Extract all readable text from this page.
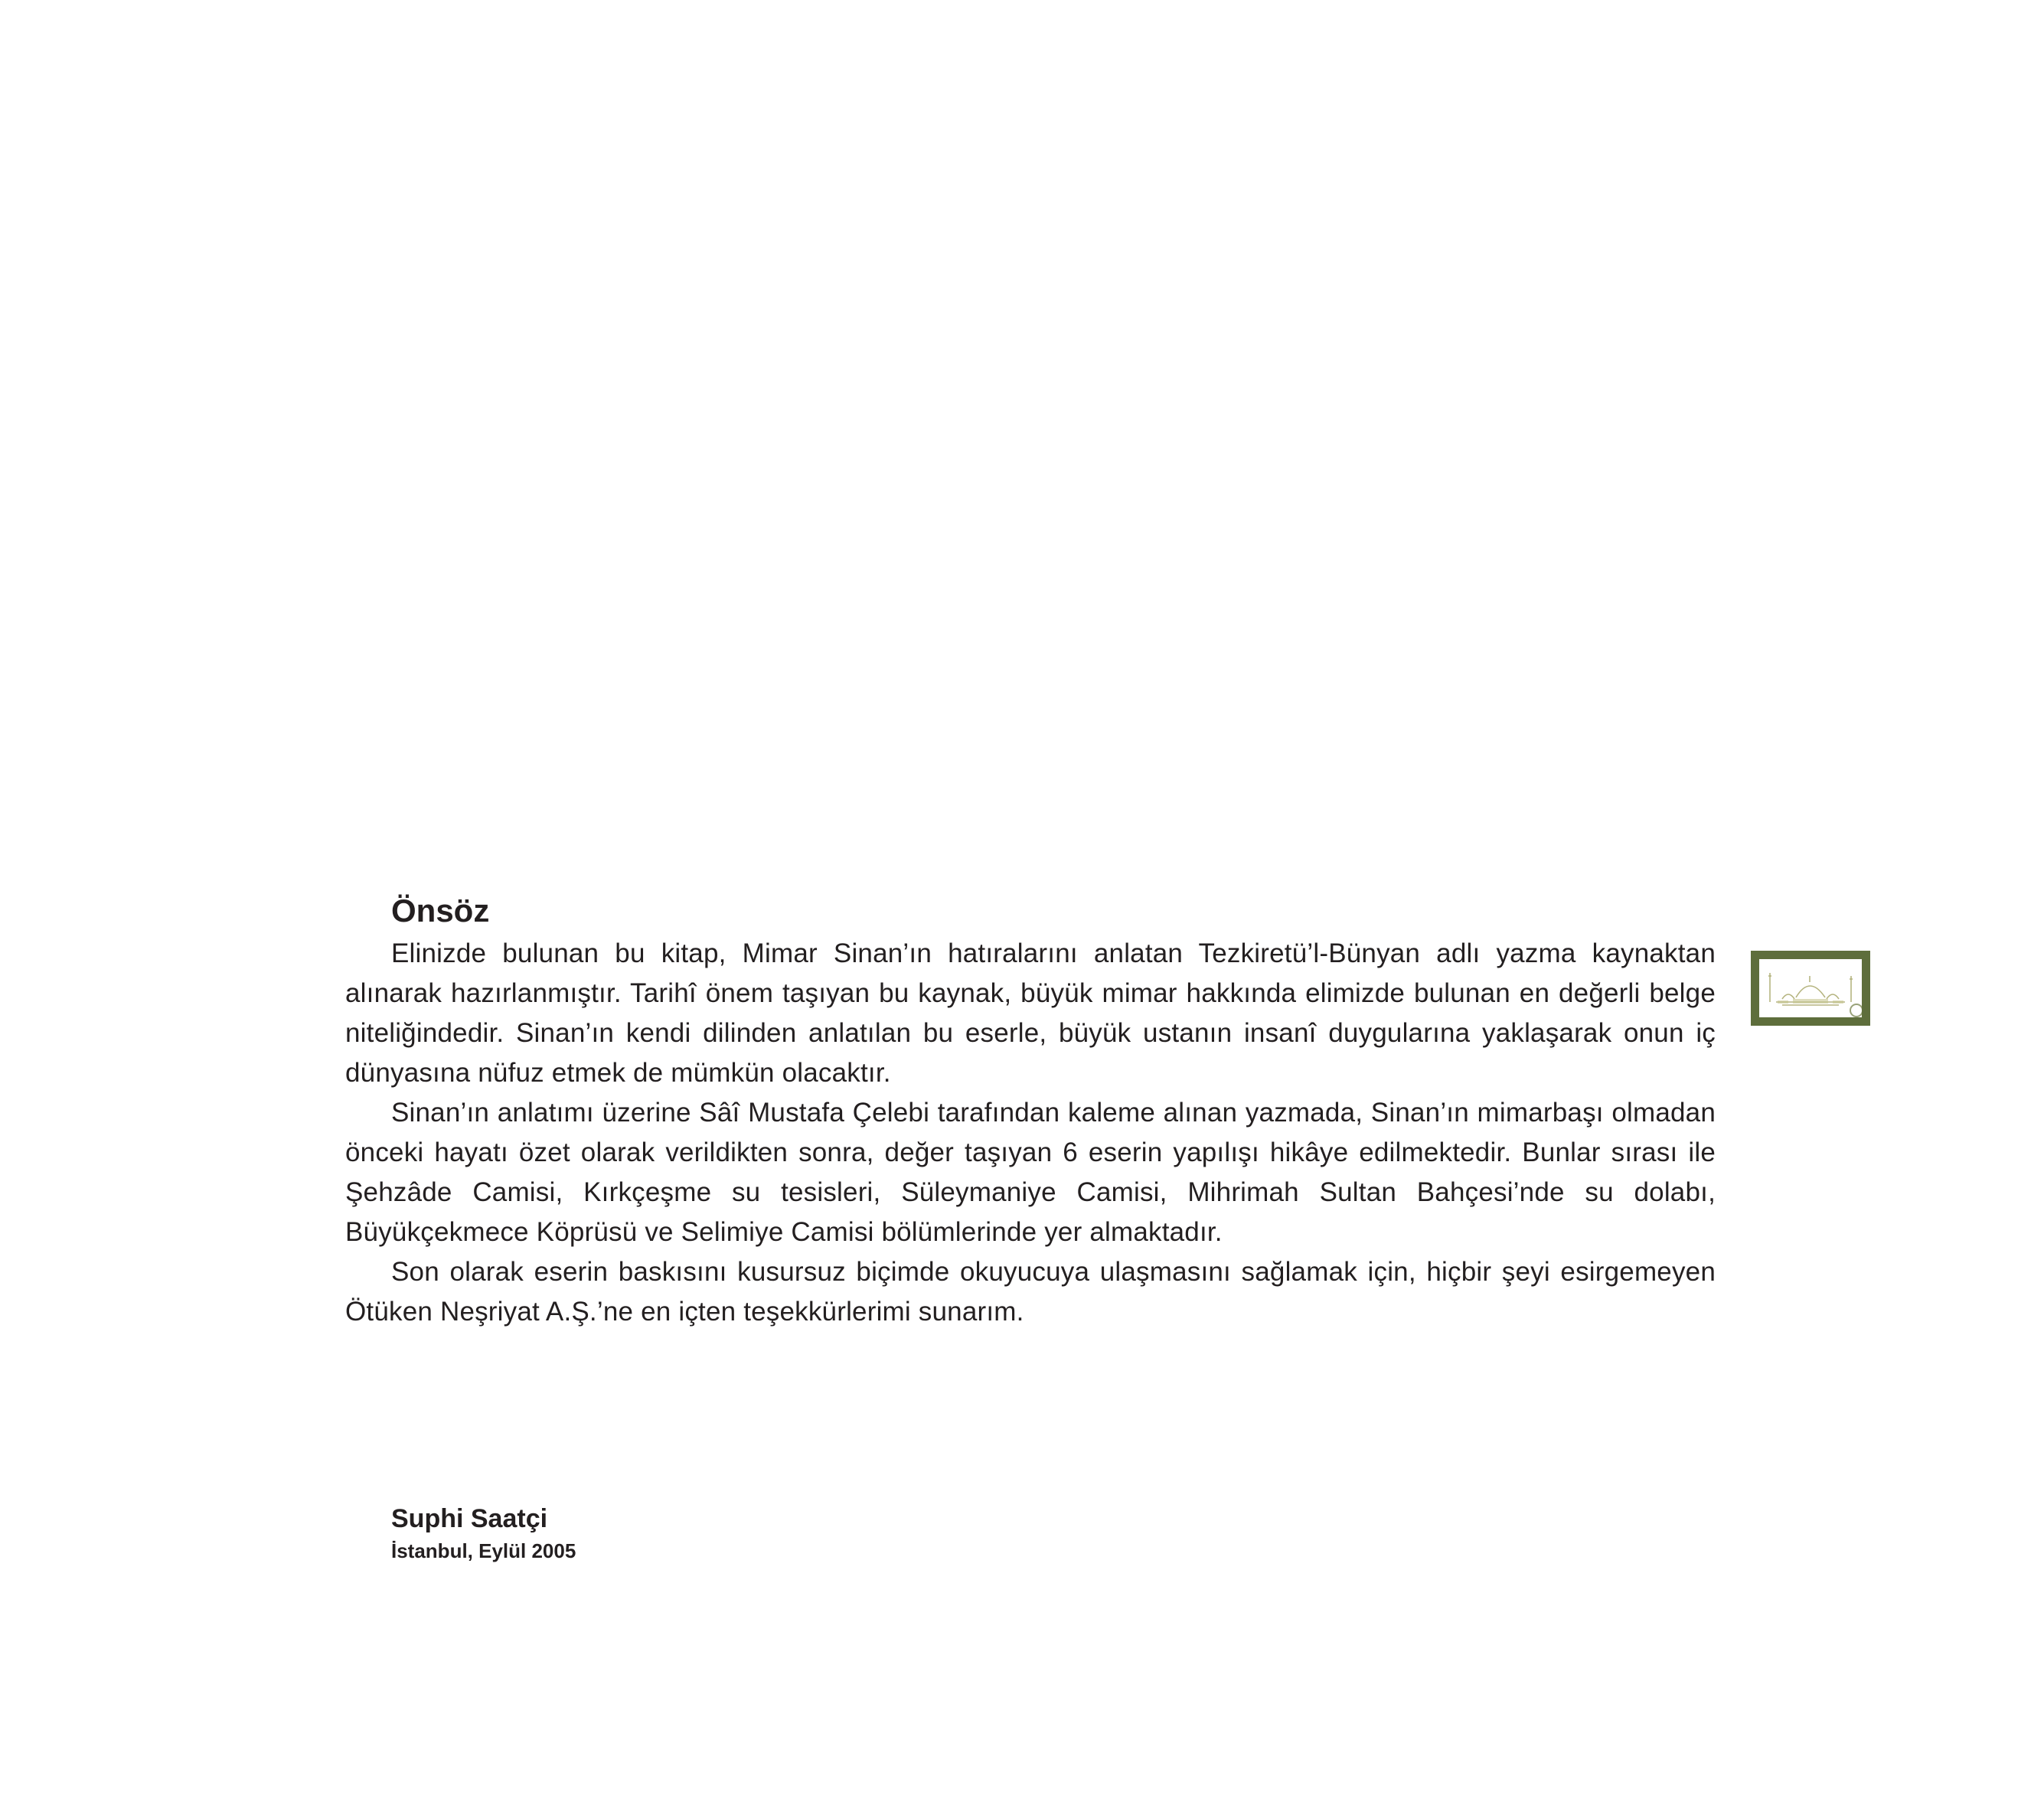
Önsöz

Elinizde bulunan bu kitap, Mimar Sinan’ın hatıralarını anlatan Tezkiretü’l-Bünyan adlı yazma kaynaktan alınarak hazırlanmıştır. Tarihî önem taşıyan bu kaynak, büyük mimar hakkında elimizde bulunan en değerli belge niteliğindedir. Sinan’ın kendi dilinden anlatılan bu eserle, büyük ustanın insanî duygularına yaklaşarak onun iç dünyasına nüfuz etmek de mümkün olacaktır.

Sinan’ın anlatımı üzerine Sâî Mustafa Çelebi tarafından kaleme alınan yazmada, Sinan’ın mimarbaşı olmadan önceki hayatı özet olarak verildikten sonra, değer taşıyan 6 eserin yapılışı hikâye edilmektedir. Bunlar sırası ile Şehzâde Camisi, Kırkçeşme su tesisleri, Süleymaniye Camisi, Mihrimah Sultan Bahçesi’nde su dolabı, Büyükçekmece Köprüsü ve Selimiye Camisi bölümlerinde yer almaktadır.

Son olarak eserin baskısını kusursuz biçimde okuyucuya ulaşmasını sağlamak için, hiçbir şeyi esirgemeyen Ötüken Neşriyat A.Ş.’ne en içten teşekkürlerimi sunarım.

Suphi Saatçi

İstanbul, Eylül 2005
